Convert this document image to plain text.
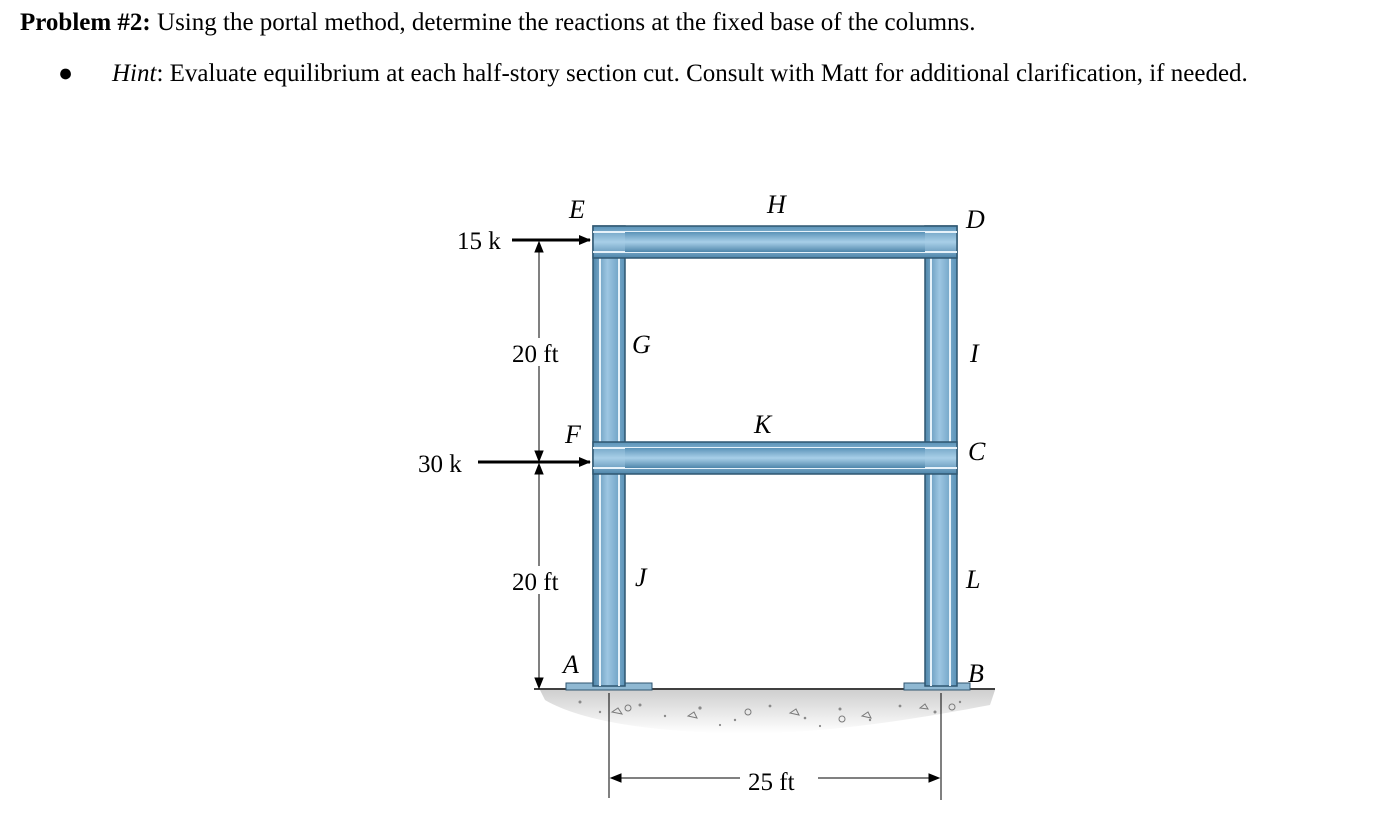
Problem #2: Using the portal method, determine the reactions at the fixed base of the columns.
● Hint: Evaluate equilibrium at each half-story section cut. Consult with Matt for additional clarification, if needed.
15 k
30 k
20 ft
20 ft
25 ft
E	H
D
G	I
F	K
C
J	L
A	B
